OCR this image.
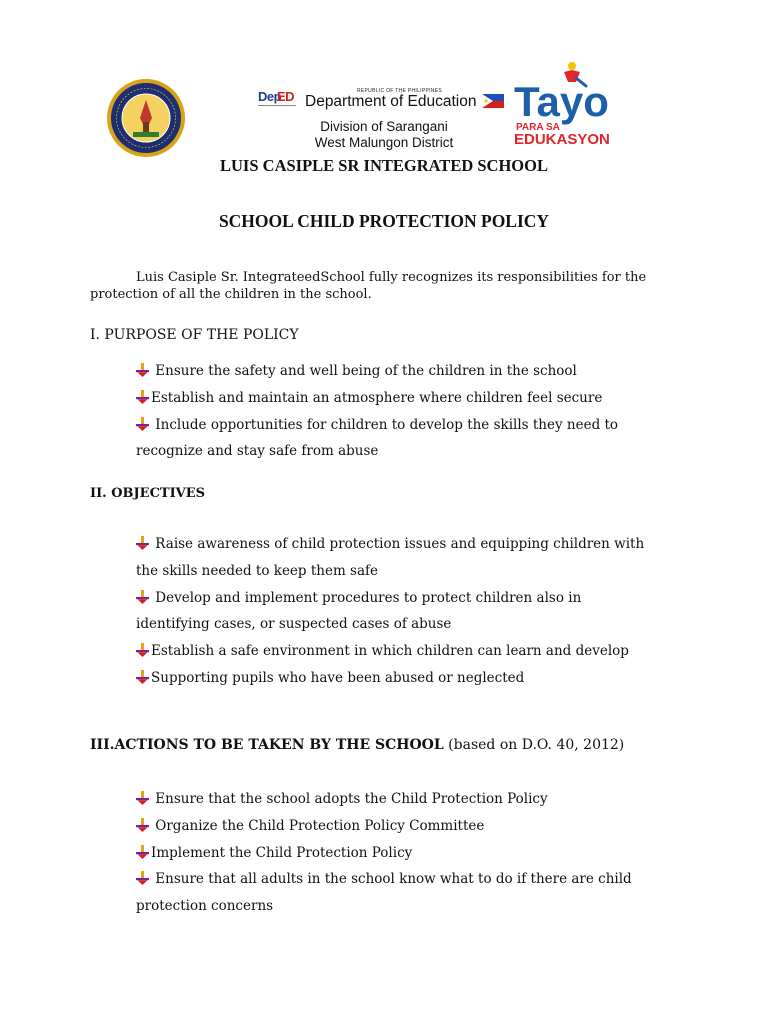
Dep
ED	REPUBLIC OF THE PHILIPPINES
Department of Education Tayo
PARA SA
EDUKASYON
Division of Sarangani
West Malungon District
LUIS CASIPLE SR INTEGRATED SCHOOL
SCHOOL CHILD PROTECTION POLICY
Luis Casiple Sr. IntegrateedSchool fully recognizes its responsibilities for the
protection of all the children in the school.
I. PURPOSE OF THE POLICY
Ensure the safety and well being of the children in the school
Establish and maintain an atmosphere where children feel secure
Include opportunities for children to develop the skills they need to
recognize and stay safe from abuse
II. OBJECTIVES
Raise awareness of child protection issues and equipping children with
the skills needed to keep them safe
Develop and implement procedures to protect children also in
identifying cases, or suspected cases of abuse
Establish a safe environment in which children can learn and develop
Supporting pupils who have been abused or neglected
III.ACTIONS TO BE TAKEN BY THE SCHOOL (based on D.O. 40, 2012)
Ensure that the school adopts the Child Protection Policy
Organize the Child Protection Policy Committee
Implement the Child Protection Policy
Ensure that all adults in the school know what to do if there are child
protection concerns
